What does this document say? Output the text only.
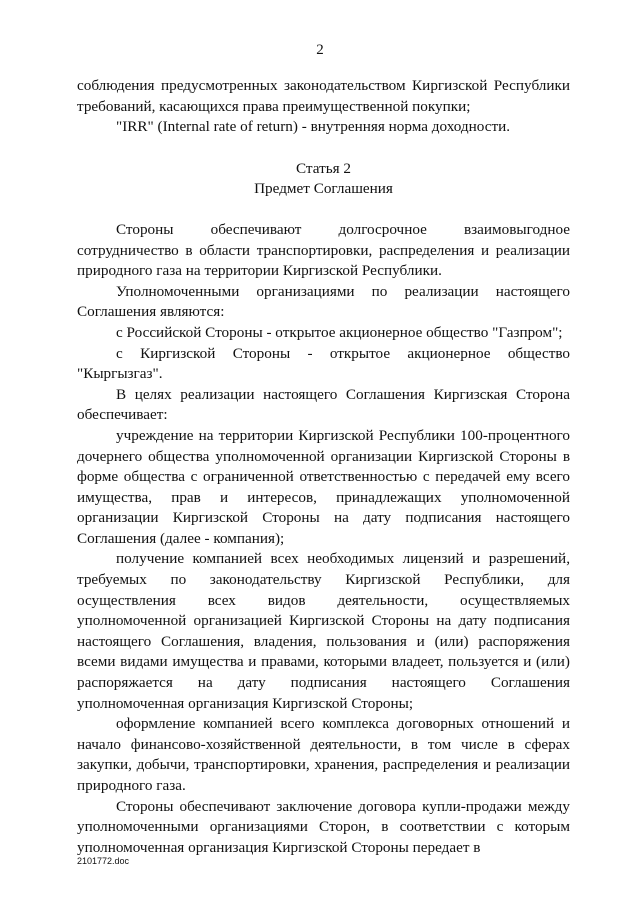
2

соблюдения предусмотренных законодательством Киргизской Республики требований, касающихся права преимущественной покупки;

"IRR" (Internal rate of return) - внутренняя норма доходности.

Статья 2

Предмет Соглашения

Стороны обеспечивают долгосрочное взаимовыгодное сотрудничество в области транспортировки, распределения и реализации природного газа на территории Киргизской Республики.

Уполномоченными организациями по реализации настоящего Соглашения являются:

с Российской Стороны - открытое акционерное общество "Газпром";

с Киргизской Стороны - открытое акционерное общество "Кыргызгаз".

В целях реализации настоящего Соглашения Киргизская Сторона обеспечивает:

учреждение на территории Киргизской Республики 100-процентного дочернего общества уполномоченной организации Киргизской Стороны в форме общества с ограниченной ответственностью с передачей ему всего имущества, прав и интересов, принадлежащих уполномоченной организации Киргизской Стороны на дату подписания настоящего Соглашения (далее - компания);

получение компанией всех необходимых лицензий и разрешений, требуемых по законодательству Киргизской Республики, для осуществления всех видов деятельности, осуществляемых уполномоченной организацией Киргизской Стороны на дату подписания настоящего Соглашения, владения, пользования и (или) распоряжения всеми видами имущества и правами, которыми владеет, пользуется и (или) распоряжается на дату подписания настоящего Соглашения уполномоченная организация Киргизской Стороны;

оформление компанией всего комплекса договорных отношений и начало финансово-хозяйственной деятельности, в том числе в сферах закупки, добычи, транспортировки, хранения, распределения и реализации природного газа.

Стороны обеспечивают заключение договора купли-продажи между уполномоченными организациями Сторон, в соответствии с которым уполномоченная организация Киргизской Стороны передает в

2101772.doc
